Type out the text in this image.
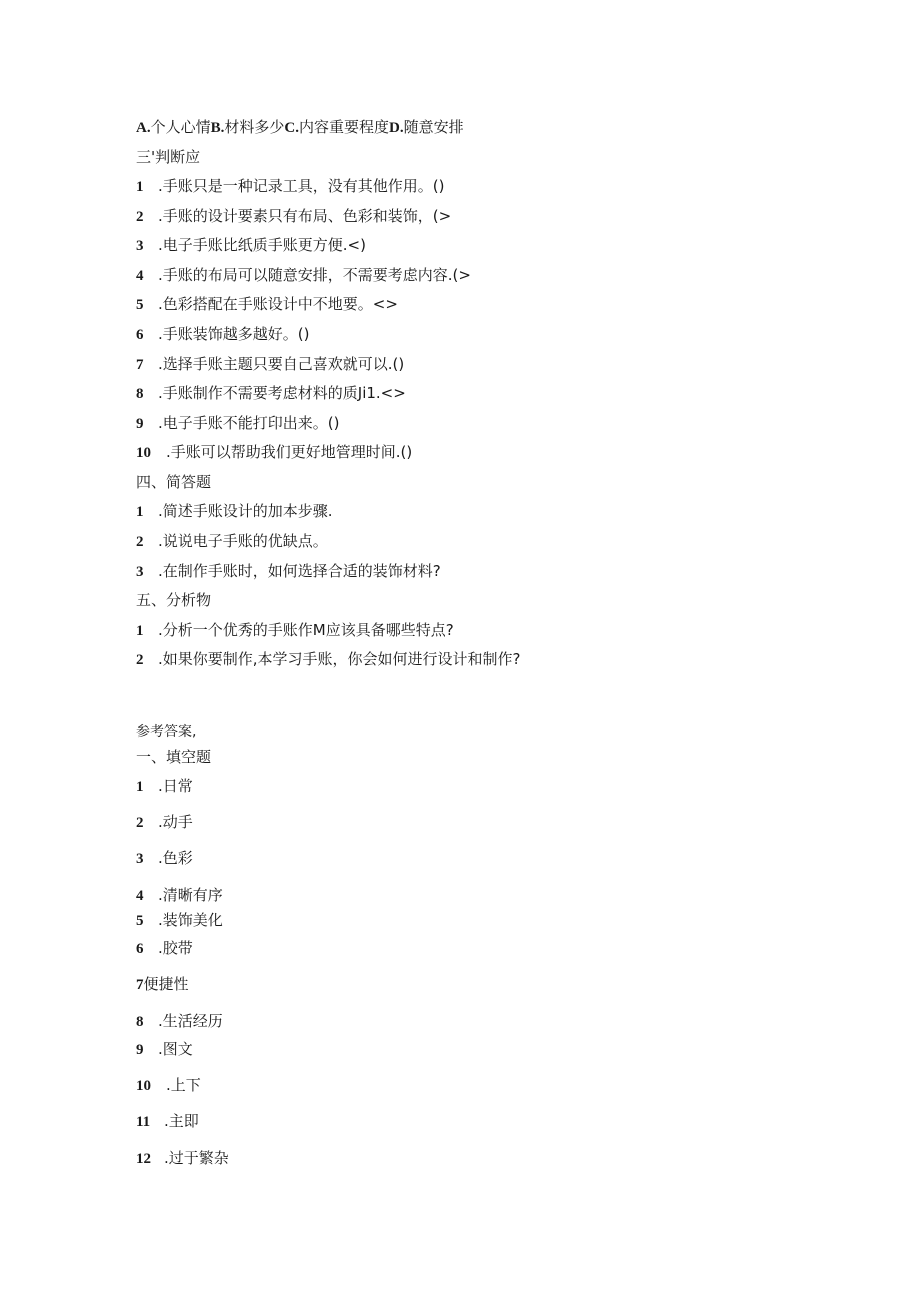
A.个人心情B.材料多少C.内容重要程度D.随意安排
三'判断应
1 .手账只是一种记录工具，没有其他作用。()
2 .手账的设计要素只有布局、色彩和装饰，(>
3 .电子手账比纸质手账更方便.<)
4 .手账的布局可以随意安排，不需要考虑内容.(>
5 .色彩搭配在手账设计中不地要。<>
6 .手账装饰越多越好。()
7 .选择手账主题只要自己喜欢就可以.()
8 .手账制作不需要考虑材料的质Ji1.<>
9 .电子手账不能打印出来。()
10 .手账可以帮助我们更好地管理时间.()
四、简答题
1 .简述手账设计的加本步骤.
2 .说说电子手账的优缺点。
3 .在制作手账时，如何选择合适的装饰材料?
五、分析物
1 .分析一个优秀的手账作M应该具备哪些特点?
2 .如果你要制作,本学习手账，你会如何进行设计和制作?
参考答案,
一、填空题
1 .日常
2 .动手
3 .色彩
4 .清晰有序
5 .装饰美化
6 .胶带
7便捷性
8 .生活经历
9 .图文
10 .上下
11 .主即
12 .过于繁杂
